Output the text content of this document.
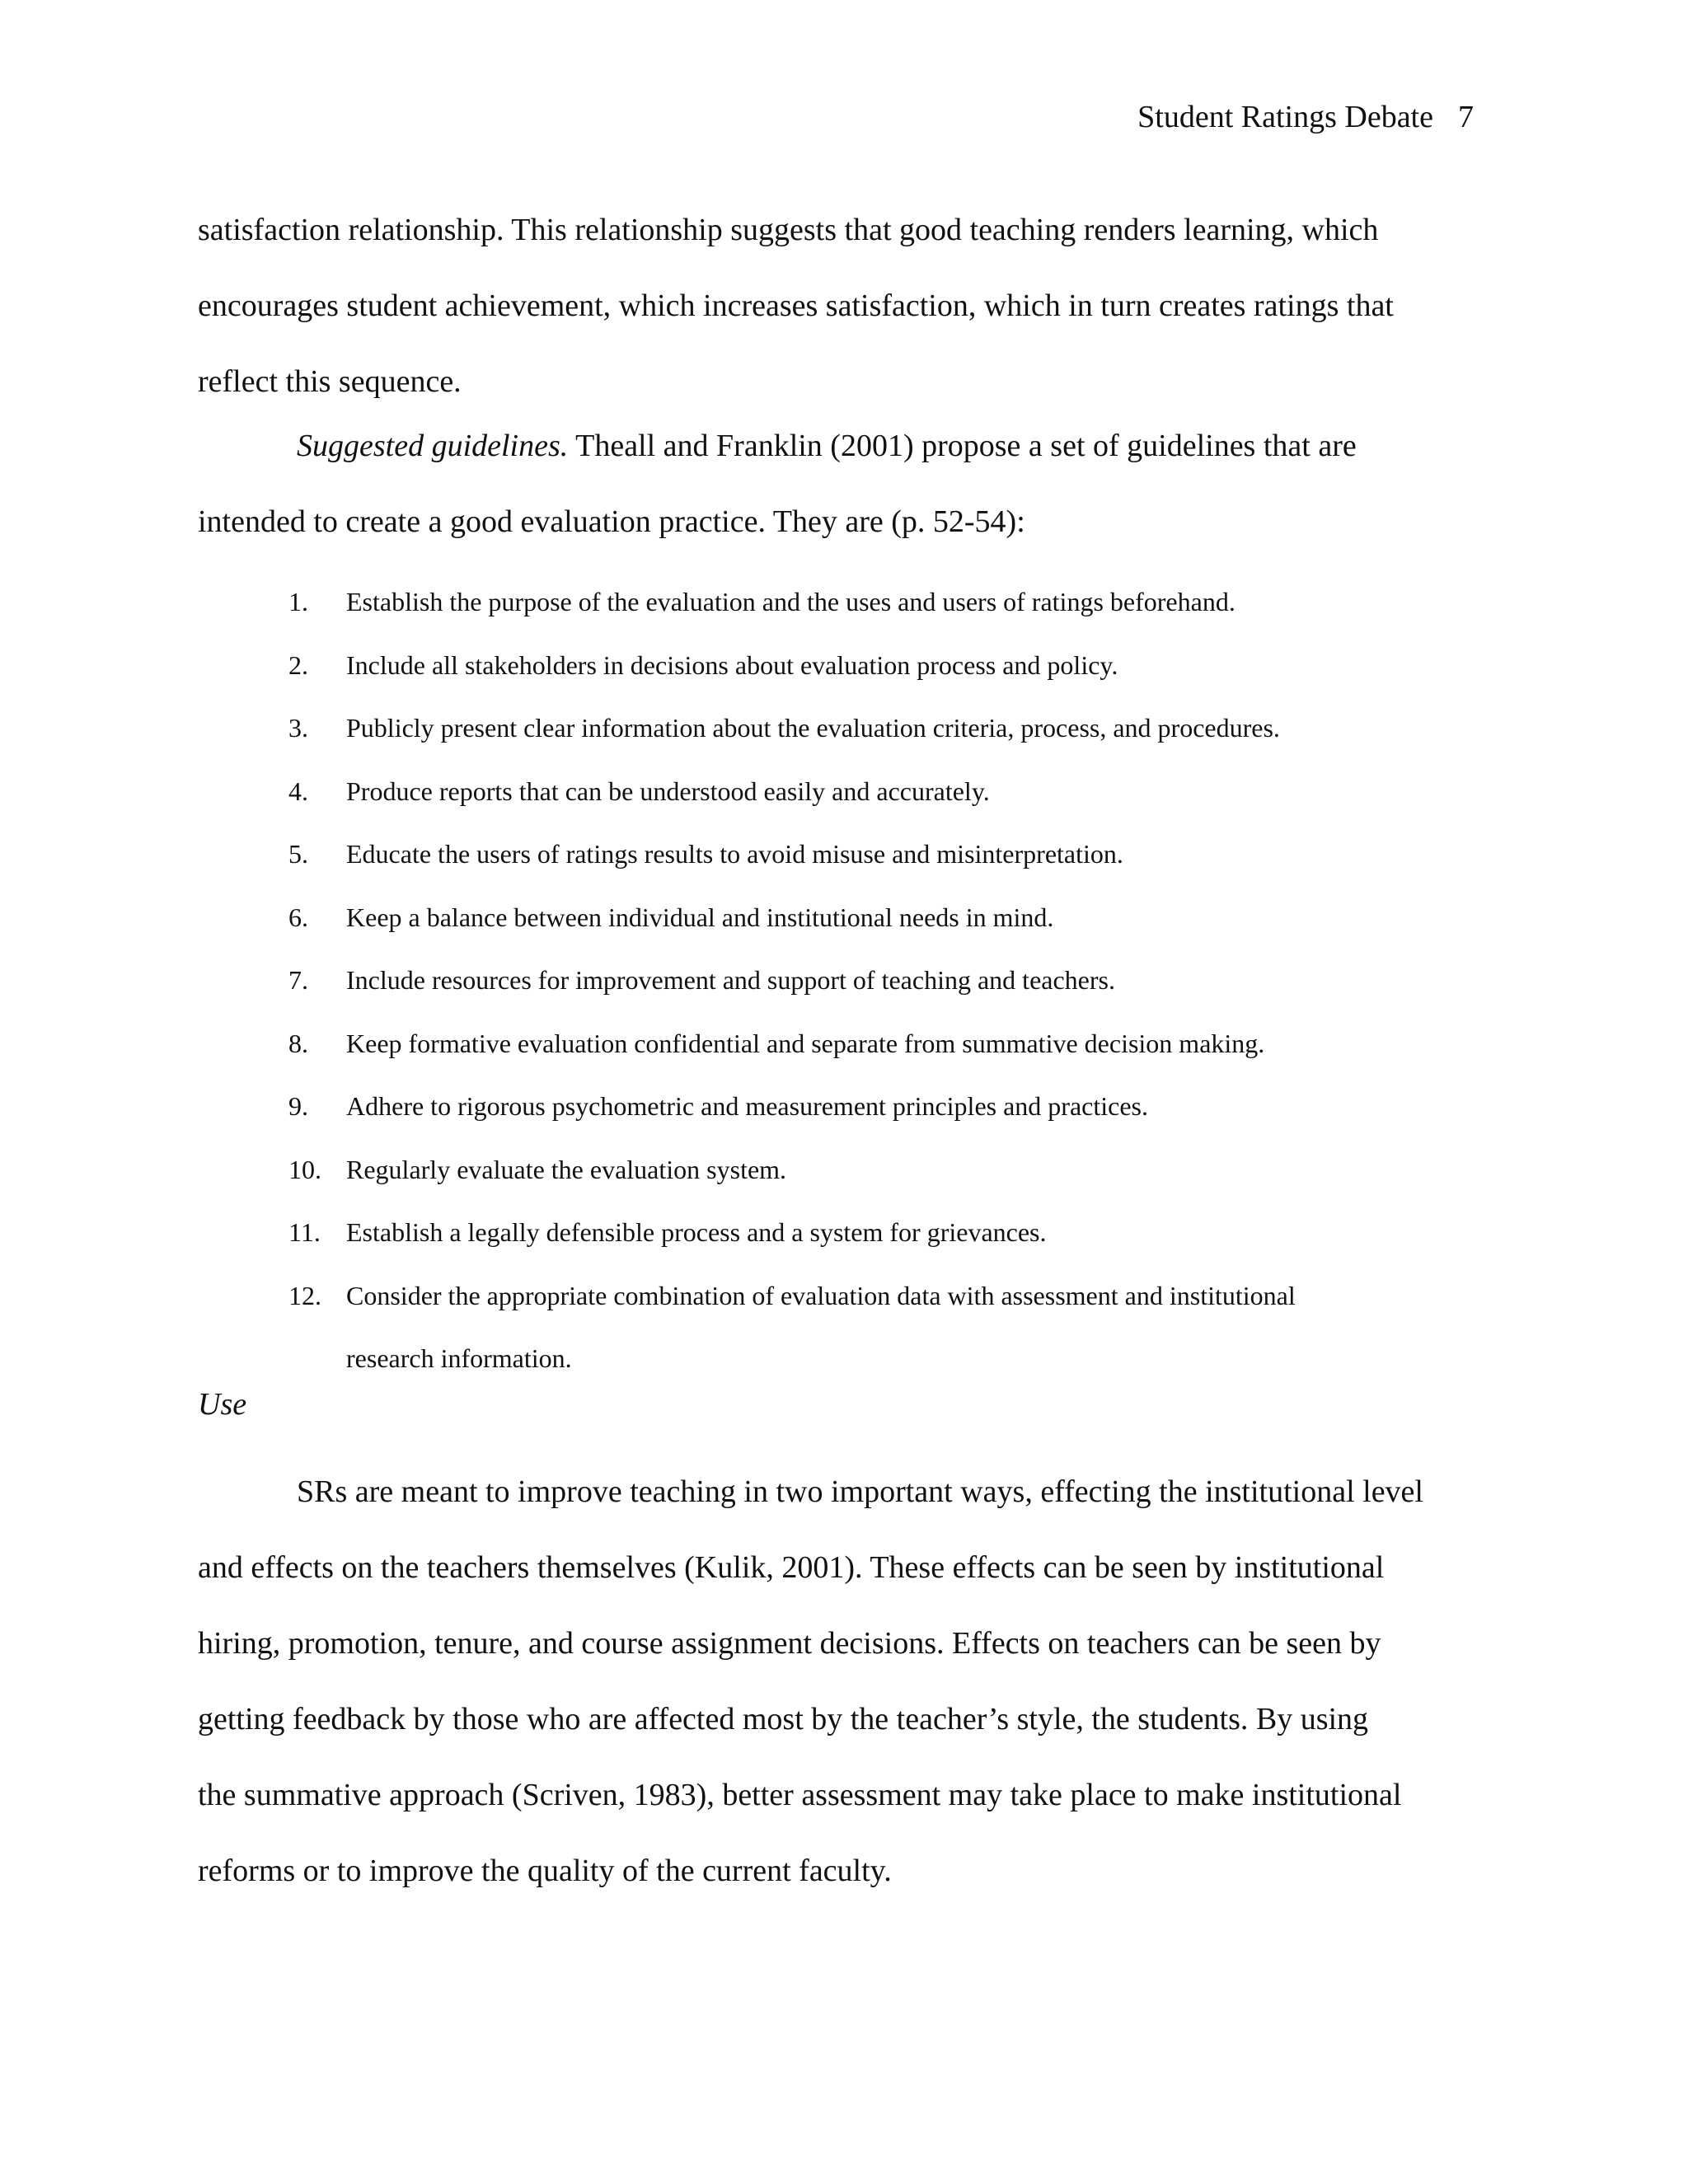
Student Ratings Debate 7
satisfaction relationship. This relationship suggests that good teaching renders learning, which
encourages student achievement, which increases satisfaction, which in turn creates ratings that
reflect this sequence.
Suggested guidelines. Theall and Franklin (2001) propose a set of guidelines that are
intended to create a good evaluation practice. They are (p. 52-54):
1. Establish the purpose of the evaluation and the uses and users of ratings beforehand.
2. Include all stakeholders in decisions about evaluation process and policy.
3. Publicly present clear information about the evaluation criteria, process, and procedures.
4. Produce reports that can be understood easily and accurately.
5. Educate the users of ratings results to avoid misuse and misinterpretation.
6. Keep a balance between individual and institutional needs in mind.
7. Include resources for improvement and support of teaching and teachers.
8. Keep formative evaluation confidential and separate from summative decision making.
9. Adhere to rigorous psychometric and measurement principles and practices.
10. Regularly evaluate the evaluation system.
11. Establish a legally defensible process and a system for grievances.
12. Consider the appropriate combination of evaluation data with assessment and institutional
research information.
Use
SRs are meant to improve teaching in two important ways, effecting the institutional level
and effects on the teachers themselves (Kulik, 2001). These effects can be seen by institutional
hiring, promotion, tenure, and course assignment decisions. Effects on teachers can be seen by
getting feedback by those who are affected most by the teacher’s style, the students. By using
the summative approach (Scriven, 1983), better assessment may take place to make institutional
reforms or to improve the quality of the current faculty.
